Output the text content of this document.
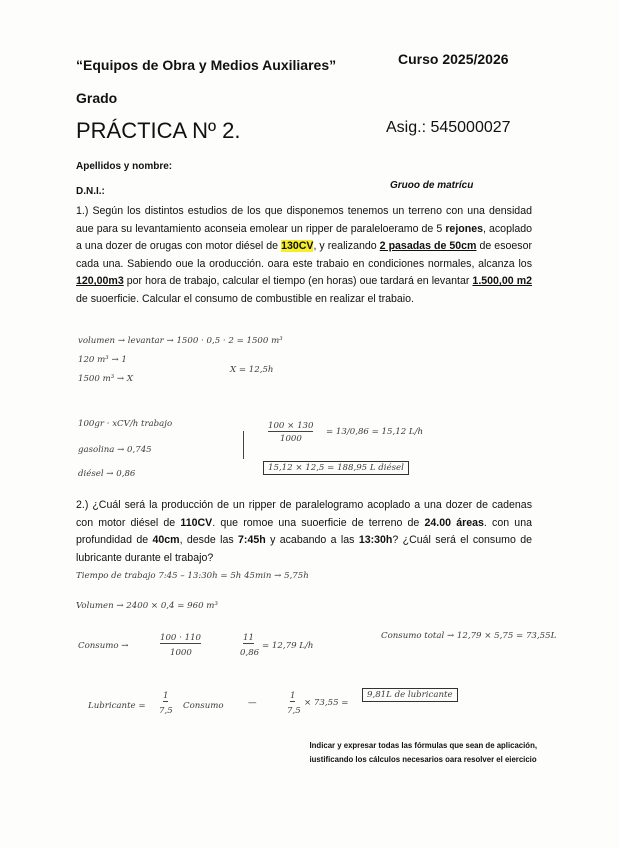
“Equipos de Obra y Medios Auxiliares”	Curso 2025/2026
Grado
PRÁCTICA Nº 2.	Asig.: 545000027
Apellidos y nombre:
D.N.I.:
Gruoo de matrícu
1.) Según los distintos estudios de los que disponemos tenemos un terreno con una densidad aue para su levantamiento aconseia emolear un ripper de paraleloeramo de 5 rejones, acoplado a una dozer de orugas con motor diésel de 130CV, y realizando 2 pasadas de 50cm de esoesor cada una. Sabiendo oue la oroducción. oara este trabaio en condiciones normales, alcanza los 120,00m3 por hora de trabajo, calcular el tiempo (en horas) oue tardará en levantar 1.500,00 m2 de suoerficie. Calcular el consumo de combustible en realizar el trabaio.
volumen → levantar → 1500 · 0,5 · 2 = 1500 m³
120 m³ → 1
1500 m³ → X
X = 12,5h
100gr · xCV/h trabajo
gasolina → 0,745
diésel → 0,86
100 × 130
1000
= 13/0,86 = 15,12 L/h
15,12 × 12,5 = 188,95 L diésel
2.) ¿Cuál será la producción de un ripper de paralelogramo acoplado a una dozer de cadenas con motor diésel de 110CV. que romoe una suoerficie de terreno de 24.00 áreas. con una profundidad de 40cm, desde las 7:45h y acabando a las 13:30h? ¿Cuál será el consumo de lubricante durante el trabajo?
Tiempo de trabajo 7:45 – 13:30h = 5h 45min → 5,75h
Volumen → 2400 × 0,4 = 960 m³
Consumo →
100 · 110
1000
11
0,86
= 12,79 L/h
Consumo total → 12,79 × 5,75 = 73,55L
Lubricante =
1
7,5 Consumo	—
1
7,5
× 73,55 =
9,81L de lubricante
Indicar y expresar todas las fórmulas que sean de aplicación,
iustificando los cálculos necesarios oara resolver el eiercicio
